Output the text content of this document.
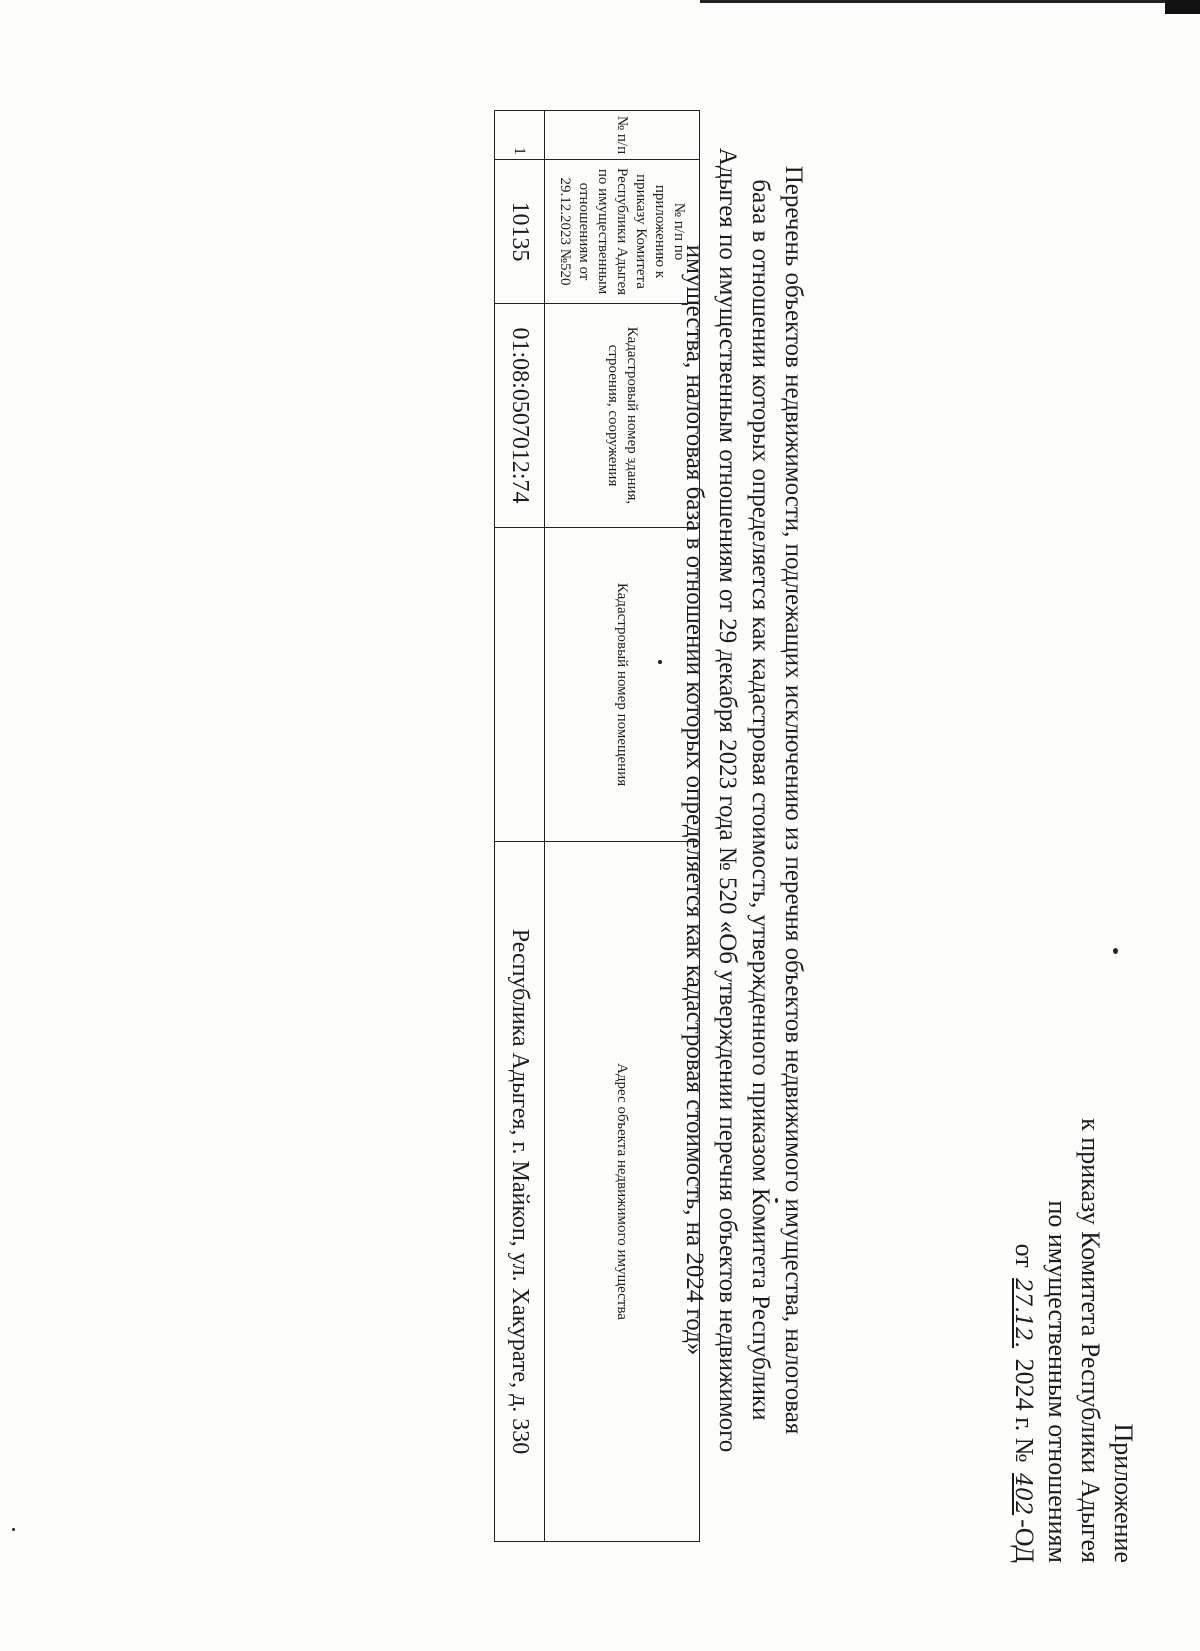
Приложение
к приказу Комитета Республики Адыгея
по имущественным отношениям
от 27.12. 2024 г. № 402-ОД
Перечень объектов недвижимости, подлежащих исключению из перечня объектов недвижимого имущества, налоговая
база в отношении которых определяется как кадастровая стоимость, утвержденного приказом Комитета Республики
Адыгея по имущественным отношениям от 29 декабря 2023 года № 520 «Об утверждении перечня объектов недвижимого
имущества, налоговая база в отношении которых определяется как кадастровая стоимость, на 2024 год»
№ п/п	№ п/п по приложению к приказу Комитета Республики Адыгея по имущественным отношениям от 29.12.2023 №520	Кадастровый номер здания, строения, сооружения	Кадастровый номер помещения	Адрес объекта недвижимого имущества
1	10135	01:08:0507012:74		Республика Адыгея, г. Майкоп, ул. Хакурате, д. 330
